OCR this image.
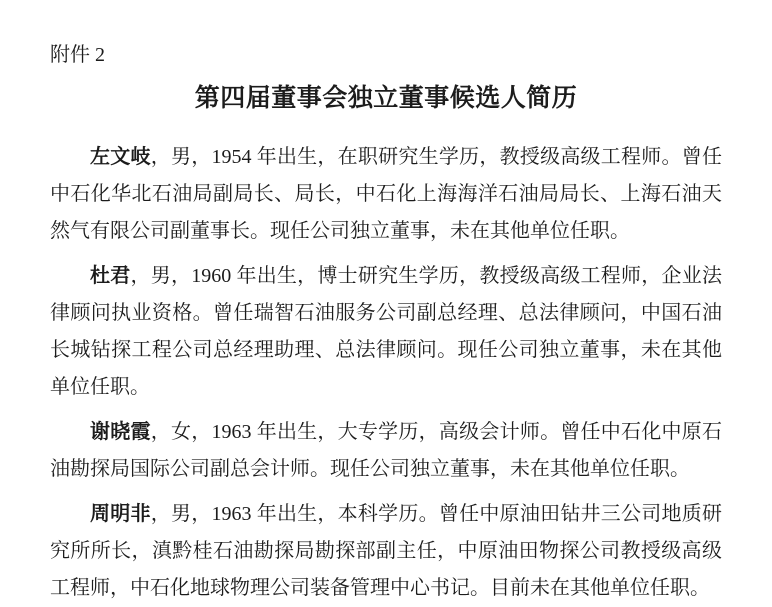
附件 2
第四届董事会独立董事候选人简历

左文岐，男，1954 年出生，在职研究生学历，教授级高级工程师。曾任中石化华北石油局副局长、局长，中石化上海海洋石油局局长、上海石油天然气有限公司副董事长。现任公司独立董事，未在其他单位任职。

杜君，男，1960 年出生，博士研究生学历，教授级高级工程师，企业法律顾问执业资格。曾任瑞智石油服务公司副总经理、总法律顾问，中国石油长城钻探工程公司总经理助理、总法律顾问。现任公司独立董事，未在其他单位任职。

谢晓霞，女，1963 年出生，大专学历，高级会计师。曾任中石化中原石油勘探局国际公司副总会计师。现任公司独立董事，未在其他单位任职。

周明非，男，1963 年出生，本科学历。曾任中原油田钻井三公司地质研究所所长，滇黔桂石油勘探局勘探部副主任，中原油田物探公司教授级高级工程师，中石化地球物理公司装备管理中心书记。目前未在其他单位任职。
